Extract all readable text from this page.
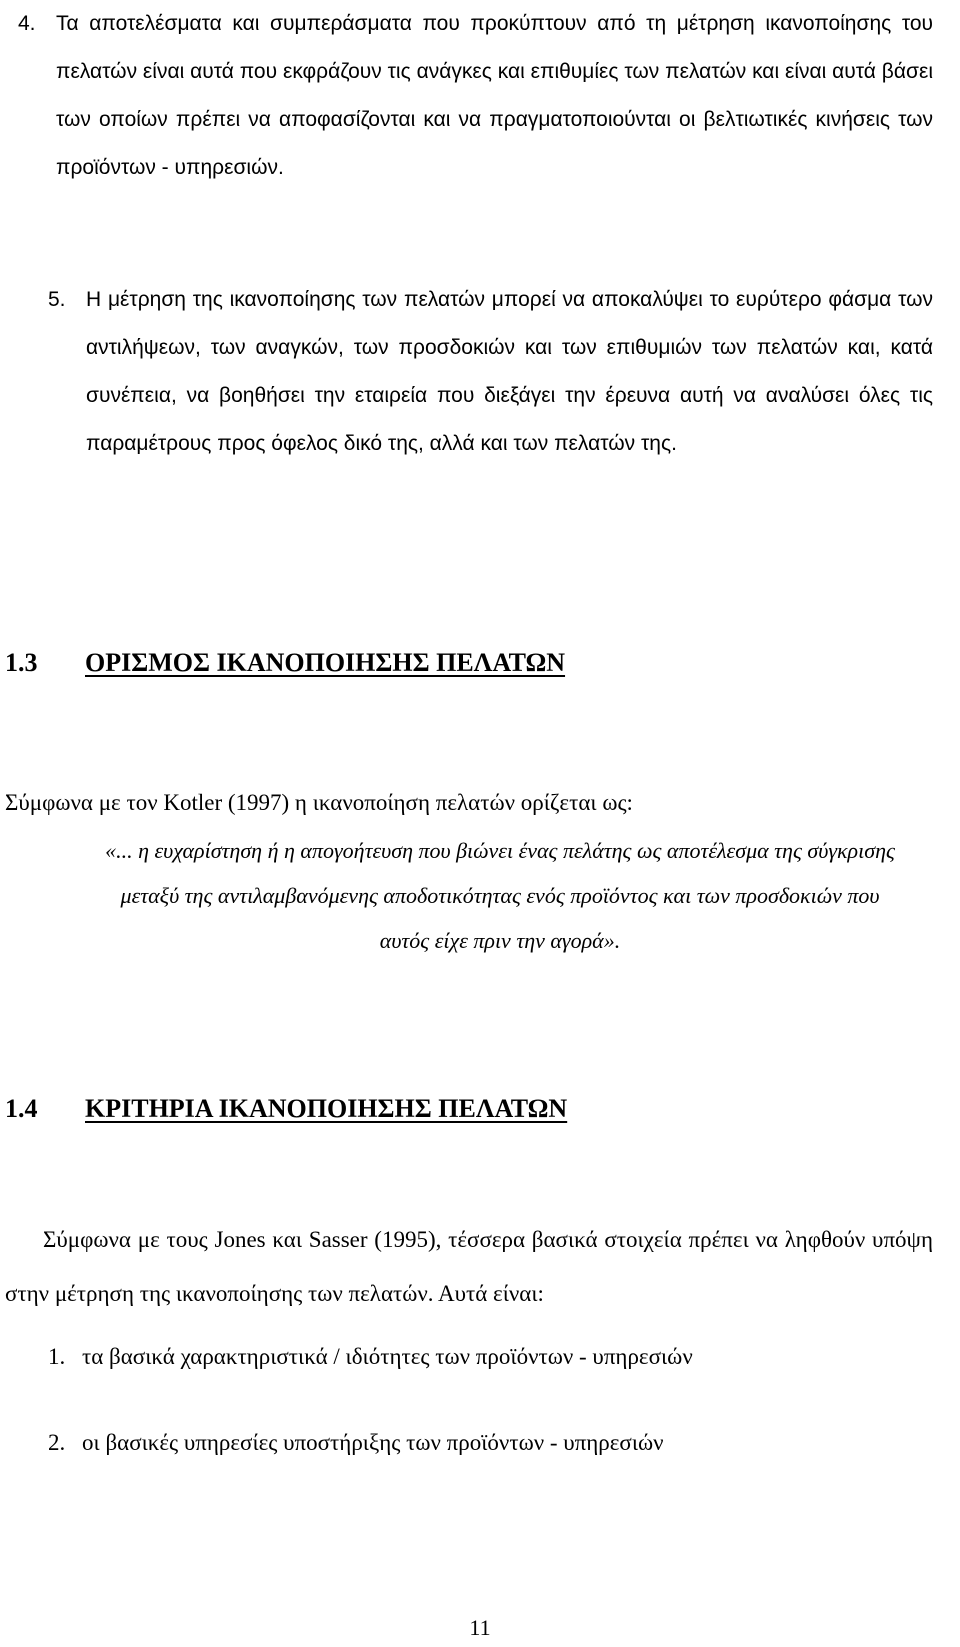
4. Τα αποτελέσματα και συμπεράσματα που προκύπτουν από τη μέτρηση ικανοποίησης του πελατών είναι αυτά που εκφράζουν τις ανάγκες και επιθυμίες των πελατών και είναι αυτά βάσει των οποίων πρέπει να αποφασίζονται και να πραγματοποιούνται οι βελτιωτικές κινήσεις των προϊόντων - υπηρεσιών.
5. Η μέτρηση της ικανοποίησης των πελατών μπορεί να αποκαλύψει το ευρύτερο φάσμα των αντιλήψεων, των αναγκών, των προσδοκιών και των επιθυμιών των πελατών και, κατά συνέπεια, να βοηθήσει την εταιρεία που διεξάγει την έρευνα αυτή να αναλύσει όλες τις παραμέτρους προς όφελος δικό της, αλλά και των πελατών της.
1.3 ΟΡΙΣΜΟΣ ΙΚΑΝΟΠΟΙΗΣΗΣ ΠΕΛΑΤΩΝ
Σύμφωνα με τον Kotler (1997) η ικανοποίηση πελατών ορίζεται ως:
«... η ευχαρίστηση ή η απογοήτευση που βιώνει ένας πελάτης ως αποτέλεσμα της σύγκρισης μεταξύ της αντιλαμβανόμενης αποδοτικότητας ενός προϊόντος και των προσδοκιών που αυτός είχε πριν την αγορά».
1.4 ΚΡΙΤΗΡΙΑ ΙΚΑΝΟΠΟΙΗΣΗΣ ΠΕΛΑΤΩΝ
Σύμφωνα με τους Jones και Sasser (1995), τέσσερα βασικά στοιχεία πρέπει να ληφθούν υπόψη στην μέτρηση της ικανοποίησης των πελατών. Αυτά είναι:
1. τα βασικά χαρακτηριστικά / ιδιότητες των προϊόντων - υπηρεσιών
2. οι βασικές υπηρεσίες υποστήριξης των προϊόντων - υπηρεσιών
11
